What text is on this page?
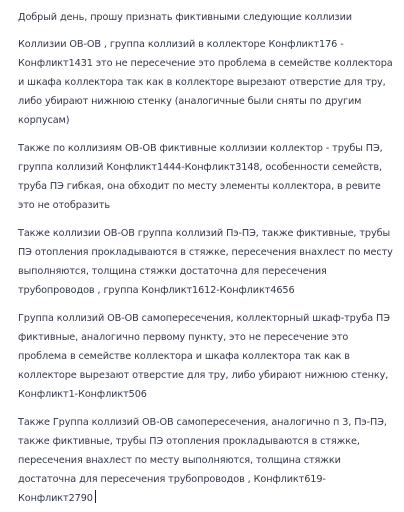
Добрый день, прошу признать фиктивными следующие коллизии

Коллизии ОВ-ОВ , группа коллизий в коллекторе Конфликт176 - Конфликт1431 это не пересечение это проблема в семействе коллектора и шкафа коллектора так как в коллекторе вырезают отверстие для тру, либо убирают нижнюю стенку (аналогичные были сняты по другим корпусам)

Также по коллизиям ОВ-ОВ фиктивные коллизии коллектор - трубы ПЭ, группа коллизий Конфликт1444-Конфликт3148, особенности семейств, труба ПЭ гибкая, она обходит по месту элементы коллектора, в ревите это не отобразить

Также коллизии ОВ-ОВ группа коллизий Пэ-ПЭ, также фиктивные, трубы ПЭ отопления прокладываются в стяжке, пересечения внахлест по месту выполняются, толщина стяжки достаточна для пересечения трубопроводов , группа Конфликт1612-Конфликт4656

Группа коллизий ОВ-ОВ самопересечения, коллекторный шкаф-труба ПЭ фиктивные, аналогично первому пункту, это не пересечение это проблема в семействе коллектора и шкафа коллектора так как в коллекторе вырезают отверстие для тру, либо убирают нижнюю стенку, Конфликт1-Конфликт506

Также Группа коллизий ОВ-ОВ самопересечения, аналогично п 3, Пэ-ПЭ, также фиктивные, трубы ПЭ отопления прокладываются в стяжке, пересечения внахлест по месту выполняются, толщина стяжки достаточна для пересечения трубопроводов , Конфликт619-Конфликт2790
